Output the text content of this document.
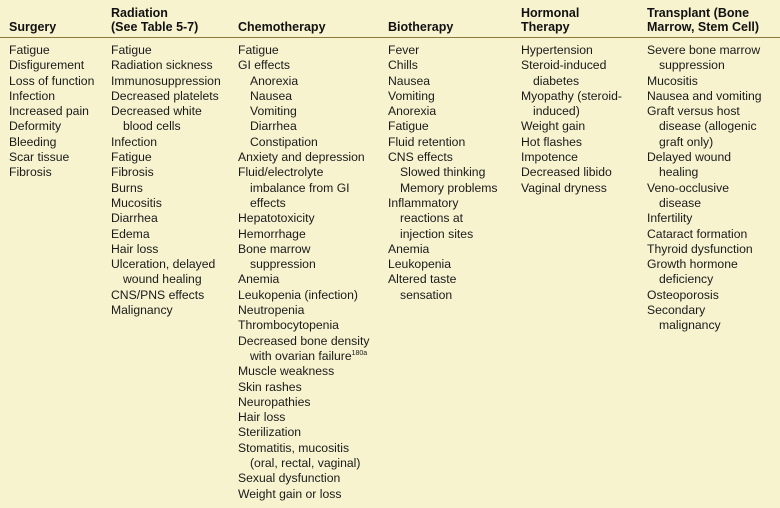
Surgery
Radiation
(See Table 5-7)	Chemotherapy	Biotherapy
Hormonal
Therapy
Transplant (Bone
Marrow, Stem Cell)
Fatigue
Disfigurement
Loss of function
Infection
Increased pain
Deformity
Bleeding
Scar tissue
Fibrosis
Fatigue
Radiation sickness
Immunosuppression
Decreased platelets
Decreased white
blood cells
Infection
Fatigue
Fibrosis
Burns
Mucositis
Diarrhea
Edema
Hair loss
Ulceration, delayed
wound healing
CNS/PNS effects
Malignancy
Fatigue
GI effects
Anorexia
Nausea
Vomiting
Diarrhea
Constipation
Anxiety and depression
Fluid/electrolyte
imbalance from GI
effects
Hepatotoxicity
Hemorrhage
Bone marrow
suppression
Anemia
Leukopenia (infection)
Neutropenia
Thrombocytopenia
Decreased bone density
with ovarian failure$^{180a}$
Muscle weakness
Skin rashes
Neuropathies
Hair loss
Sterilization
Stomatitis, mucositis
(oral, rectal, vaginal)
Sexual dysfunction
Weight gain or loss
Fever
Chills
Nausea
Vomiting
Anorexia
Fatigue
Fluid retention
CNS effects
Slowed thinking
Memory problems
Inflammatory
reactions at
injection sites
Anemia
Leukopenia
Altered taste
sensation
Hypertension
Steroid-induced
diabetes
Myopathy (steroid-
induced)
Weight gain
Hot flashes
Impotence
Decreased libido
Vaginal dryness
Severe bone marrow
suppression
Mucositis
Nausea and vomiting
Graft versus host
disease (allogenic
graft only)
Delayed wound
healing
Veno-occlusive
disease
Infertility
Cataract formation
Thyroid dysfunction
Growth hormone
deficiency
Osteoporosis
Secondary
malignancy
